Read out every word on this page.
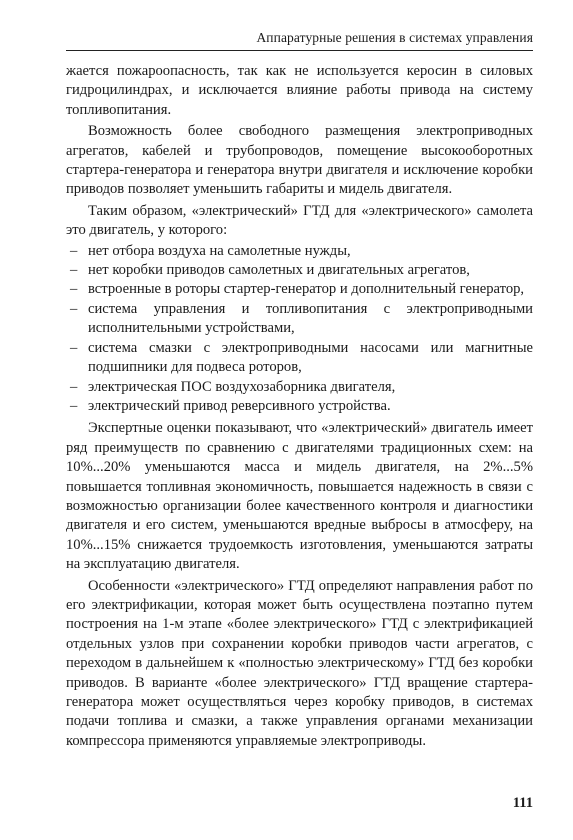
Аппаратурные решения в системах управления

жается пожароопасность, так как не используется керосин в силовых гидроцилиндрах, и исключается влияние работы привода на систему топливопитания.

Возможность более свободного размещения электроприводных агрегатов, кабелей и трубопроводов, помещение высокооборотных стартера-генератора и генератора внутри двигателя и исключение коробки приводов позволяет уменьшить габариты и мидель двигателя.

Таким образом, «электрический» ГТД для «электрического» самолета это двигатель, у которого:

– нет отбора воздуха на самолетные нужды,
– нет коробки приводов самолетных и двигательных агрегатов,
– встроенные в роторы стартер-генератор и дополнительный генератор,
– система управления и топливопитания с электроприводными исполнительными устройствами,
– система смазки с электроприводными насосами или магнитные подшипники для подвеса роторов,
– электрическая ПОС воздухозаборника двигателя,
– электрический привод реверсивного устройства.

Экспертные оценки показывают, что «электрический» двигатель имеет ряд преимуществ по сравнению с двигателями традиционных схем: на 10%...20% уменьшаются масса и мидель двигателя, на 2%...5% повышается топливная экономичность, повышается надежность в связи с возможностью организации более качественного контроля и диагностики двигателя и его систем, уменьшаются вредные выбросы в атмосферу, на 10%...15% снижается трудоемкость изготовления, уменьшаются затраты на эксплуатацию двигателя.

Особенности «электрического» ГТД определяют направления работ по его электрификации, которая может быть осуществлена поэтапно путем построения на 1-м этапе «более электрического» ГТД с электрификацией отдельных узлов при сохранении коробки приводов части агрегатов, с переходом в дальнейшем к «полностью электрическому» ГТД без коробки приводов. В варианте «более электрического» ГТД вращение стартера-генератора может осуществляться через коробку приводов, в системах подачи топлива и смазки, а также управления органами механизации компрессора применяются управляемые электроприводы.

111
